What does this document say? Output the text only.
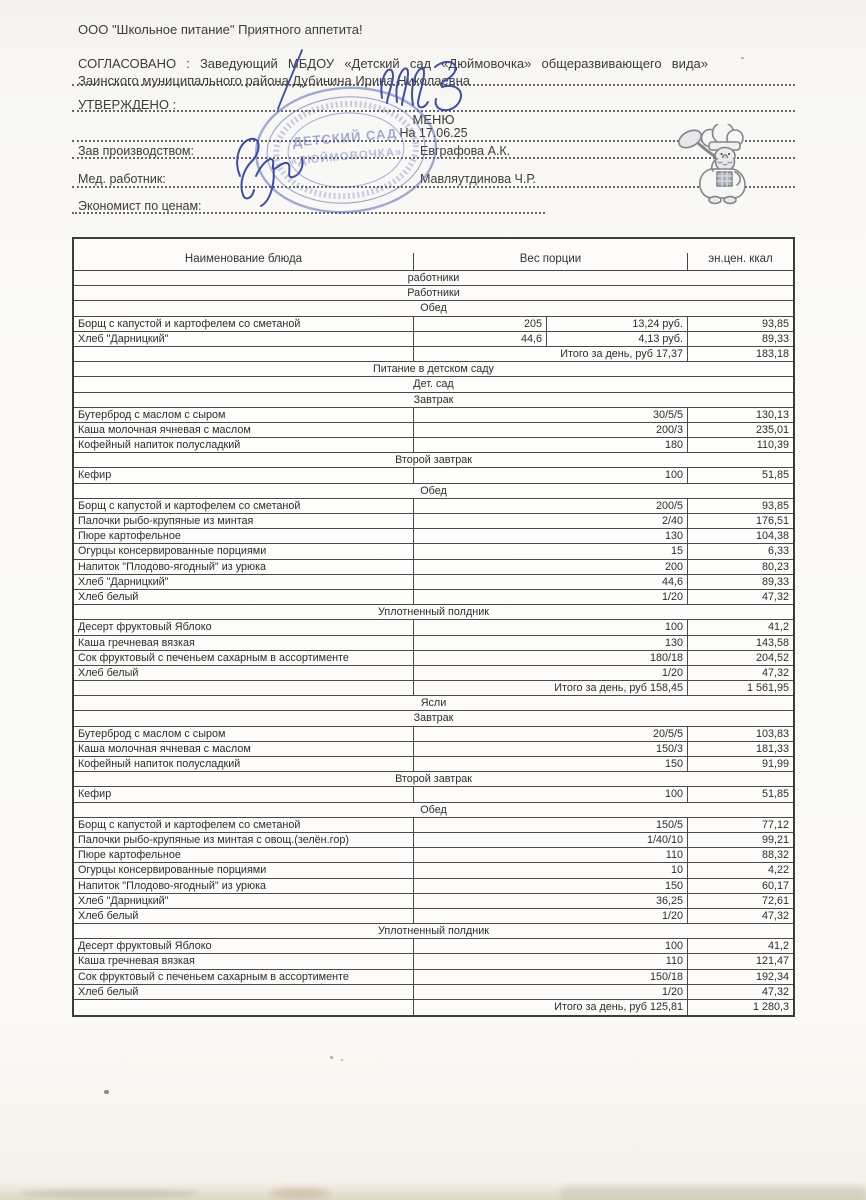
ООО "Школьное питание" Приятного аппетита!
СОГЛАСОВАНО : Заведующий МБДОУ «Детский сад «Дюймовочка» общеразвивающего вида» Заинского муниципального района Дубинина Ирина Николаевна
УТВЕРЖДЕНО :
МЕНЮ
На 17.06.25
Зав производством:	Евграфова А.К.
Мед. работник:	Мавляутдинова Ч.Р.
Экономист по ценам:
ДЕТСКИЙ САД
«ДЮЙМОВОЧКА»
··· ···· ···
Наименование блюда	Вес порции	эн.цен. ккал
работники
Работники
Обед
Борщ с капустой и картофелем со сметаной	205	13,24 руб.	93,85
Хлеб "Дарницкий"	44,6	4,13 руб.	89,33
Итого за день, руб 17,37	183,18
Питание в детском саду
Дет. сад
Завтрак
Бутерброд с маслом с сыром	30/5/5	130,13
Каша молочная ячневая с маслом	200/3	235,01
Кофейный напиток полусладкий	180	110,39
Второй завтрак
Кефир	100	51,85
Обед
Борщ с капустой и картофелем со сметаной	200/5	93,85
Палочки рыбо-крупяные из минтая	2/40	176,51
Пюре картофельное	130	104,38
Огурцы консервированные порциями	15	6,33
Напиток "Плодово-ягодный" из урюка	200	80,23
Хлеб "Дарницкий"	44,6	89,33
Хлеб белый	1/20	47,32
Уплотненный полдник
Десерт фруктовый Яблоко	100	41,2
Каша гречневая вязкая	130	143,58
Сок фруктовый с печеньем сахарным в ассортименте	180/18	204,52
Хлеб белый	1/20	47,32
Итого за день, руб 158,45	1 561,95
Ясли
Завтрак
Бутерброд с маслом с сыром	20/5/5	103,83
Каша молочная ячневая с маслом	150/3	181,33
Кофейный напиток полусладкий	150	91,99
Второй завтрак
Кефир	100	51,85
Обед
Борщ с капустой и картофелем со сметаной	150/5	77,12
Палочки рыбо-крупяные из минтая с овощ.(зелён.гор)	1/40/10	99,21
Пюре картофельное	110	88,32
Огурцы консервированные порциями	10	4,22
Напиток "Плодово-ягодный" из урюка	150	60,17
Хлеб "Дарницкий"	36,25	72,61
Хлеб белый	1/20	47,32
Уплотненный полдник
Десерт фруктовый Яблоко	100	41,2
Каша гречневая вязкая	110	121,47
Сок фруктовый с печеньем сахарным в ассортименте	150/18	192,34
Хлеб белый	1/20	47,32
Итого за день, руб 125,81	1 280,3
